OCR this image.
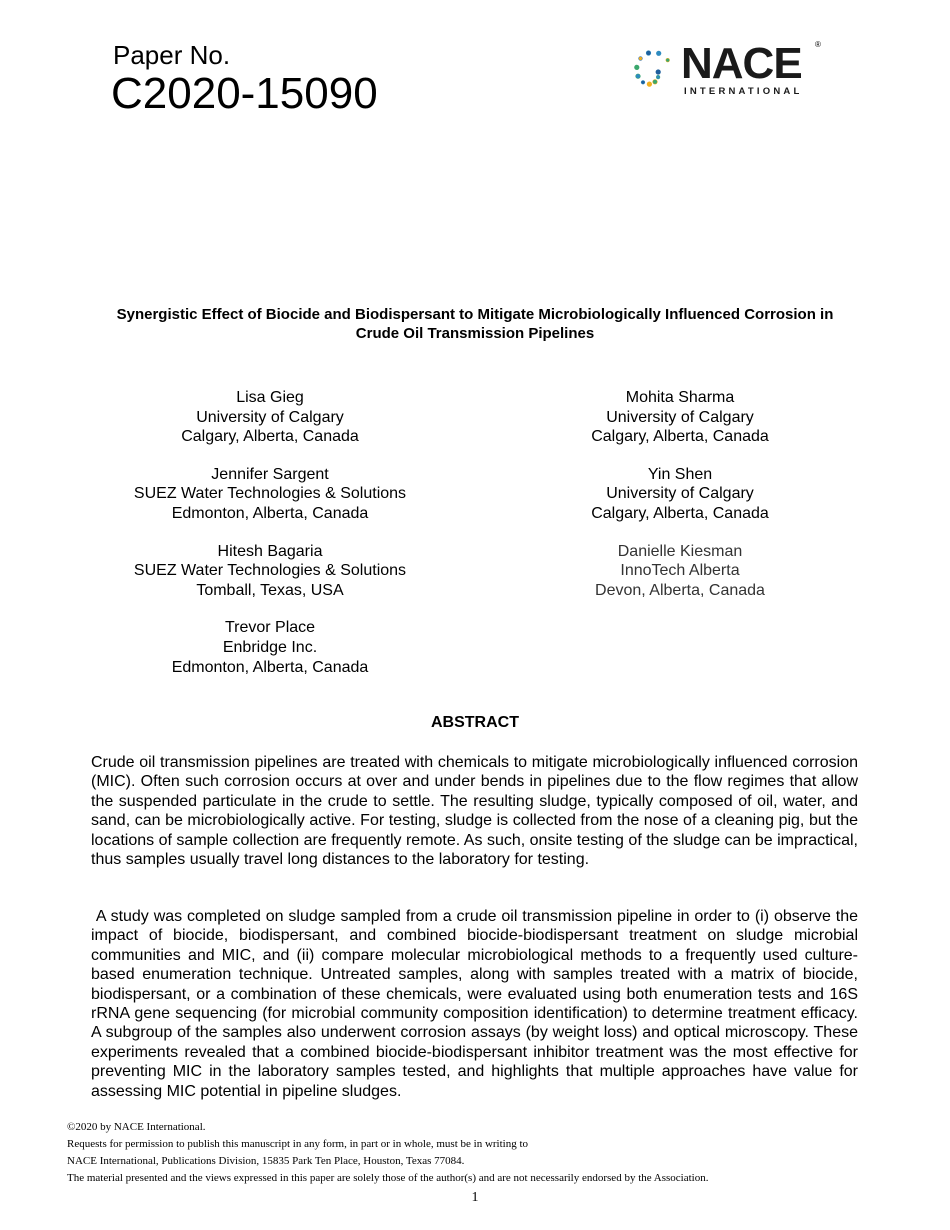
Paper No.
C2020-15090
NACE ®
INTERNATIONAL
Synergistic Effect of Biocide and Biodispersant to Mitigate Microbiologically Influenced Corrosion in Crude Oil Transmission Pipelines
Lisa Gieg
University of Calgary
Calgary, Alberta, Canada
Jennifer Sargent
SUEZ Water Technologies & Solutions
Edmonton, Alberta, Canada
Hitesh Bagaria
SUEZ Water Technologies & Solutions
Tomball, Texas, USA
Trevor Place
Enbridge Inc.
Edmonton, Alberta, Canada
Mohita Sharma
University of Calgary
Calgary, Alberta, Canada
Yin Shen
University of Calgary
Calgary, Alberta, Canada
Danielle Kiesman
InnoTech Alberta
Devon, Alberta, Canada
ABSTRACT

Crude oil transmission pipelines are treated with chemicals to mitigate microbiologically influenced corrosion (MIC). Often such corrosion occurs at over and under bends in pipelines due to the flow regimes that allow the suspended particulate in the crude to settle. The resulting sludge, typically composed of oil, water, and sand, can be microbiologically active. For testing, sludge is collected from the nose of a cleaning pig, but the locations of sample collection are frequently remote. As such, onsite testing of the sludge can be impractical, thus samples usually travel long distances to the laboratory for testing.

A study was completed on sludge sampled from a crude oil transmission pipeline in order to (i) observe the impact of biocide, biodispersant, and combined biocide-biodispersant treatment on sludge microbial communities and MIC, and (ii) compare molecular microbiological methods to a frequently used culture-based enumeration technique. Untreated samples, along with samples treated with a matrix of biocide, biodispersant, or a combination of these chemicals, were evaluated using both enumeration tests and 16S rRNA gene sequencing (for microbial community composition identification) to determine treatment efficacy. A subgroup of the samples also underwent corrosion assays (by weight loss) and optical microscopy. These experiments revealed that a combined biocide-biodispersant inhibitor treatment was the most effective for preventing MIC in the laboratory samples tested, and highlights that multiple approaches have value for assessing MIC potential in pipeline sludges.

©2020 by NACE International.
Requests for permission to publish this manuscript in any form, in part or in whole, must be in writing to
NACE International, Publications Division, 15835 Park Ten Place, Houston, Texas 77084.
The material presented and the views expressed in this paper are solely those of the author(s) and are not necessarily endorsed by the Association.
1
